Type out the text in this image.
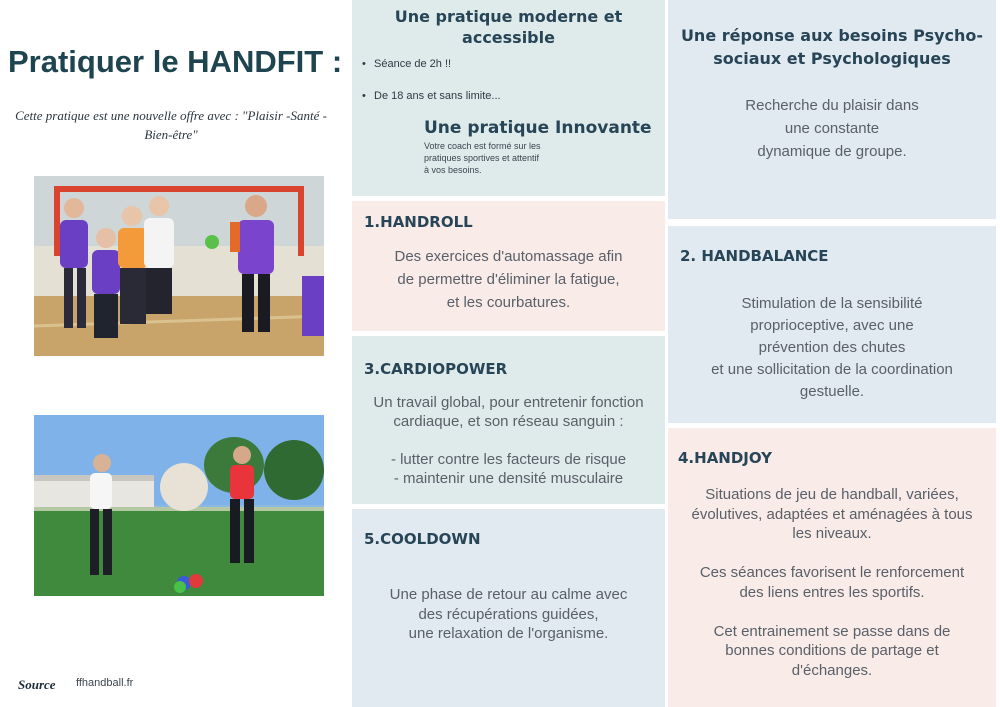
Pratiquer le HANDFIT :
Cette pratique est une nouvelle offre avec : "Plaisir -Santé - Bien-être"
Source ffhandball.fr
Une pratique moderne et
accessible
• Séance de 2h !!
• De 18 ans et sans limite...
Une pratique Innovante
Votre coach est formé sur les
pratiques sportives et attentif
à vos besoins.
Une réponse aux besoins Psycho-
sociaux et Psychologiques
Recherche du plaisir dans
une constante
dynamique de groupe.
1.HANDROLL
Des exercices d'automassage afin
de permettre d'éliminer la fatigue,
et les courbatures.
2. HANDBALANCE
Stimulation de la sensibilité
proprioceptive, avec une
prévention des chutes
et une sollicitation de la coordination
gestuelle.
3.CARDIOPOWER
Un travail global, pour entretenir fonction
cardiaque, et son réseau sanguin :
- lutter contre les facteurs de risque
- maintenir une densité musculaire
4.HANDJOY
Situations de jeu de handball, variées,
évolutives, adaptées et aménagées à tous
les niveaux.
Ces séances favorisent le renforcement
des liens entres les sportifs.
Cet entrainement se passe dans de
bonnes conditions de partage et
d'échanges.
5.COOLDOWN
Une phase de retour au calme avec
des récupérations guidées,
une relaxation de l'organisme.
